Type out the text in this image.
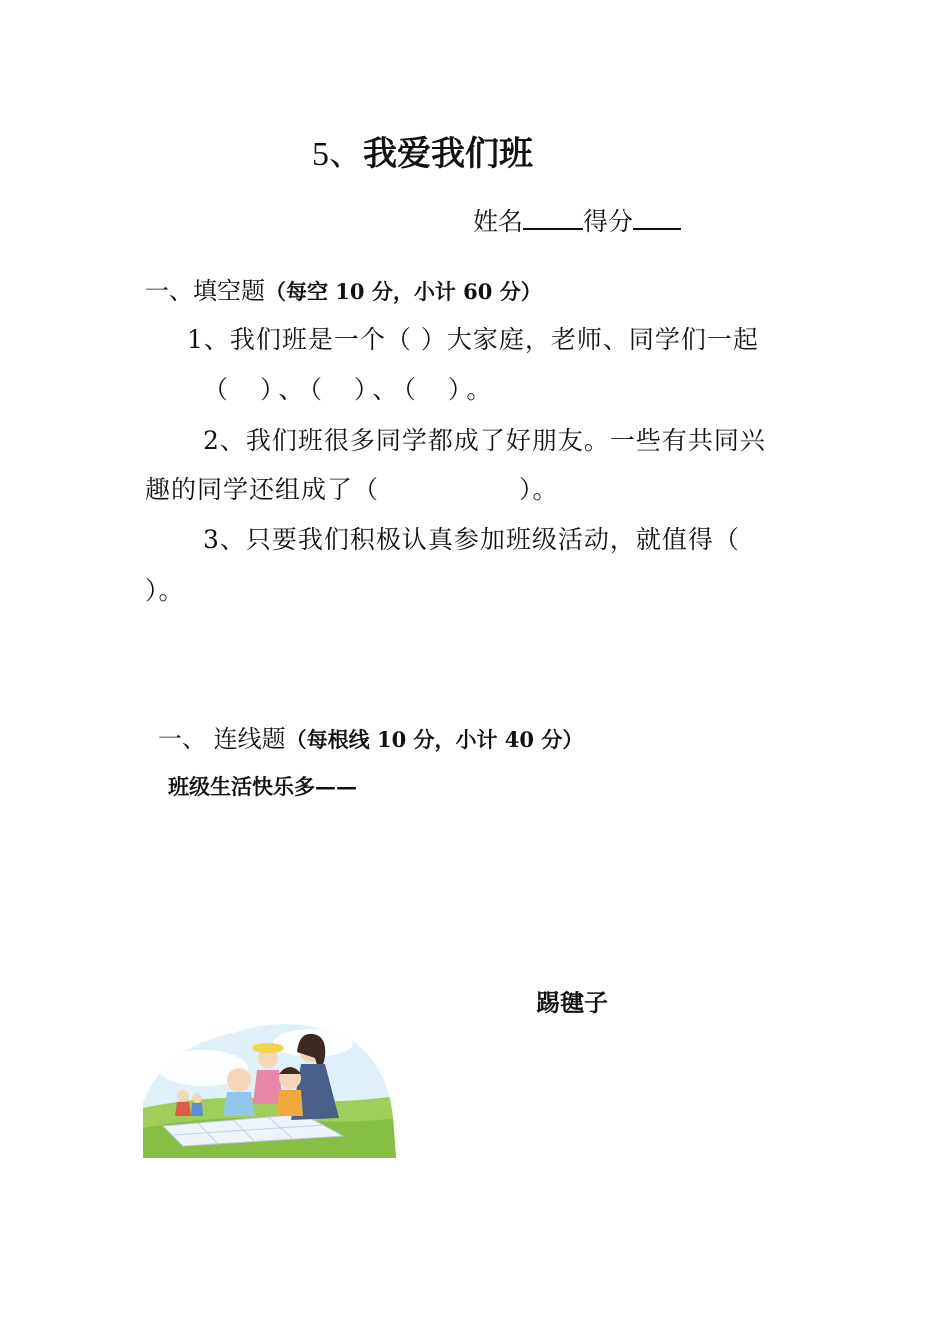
5、我爱我们班
姓名 得分
一、填空题（每空 10 分，小计 60 分）
1、我们班是一个（ ）大家庭，老师、同学们一起
（ ）、（ ）、（ ）。
2、我们班很多同学都成了好朋友。一些有共同兴
趣的同学还组成了（	）。
3、只要我们积极认真参加班级活动，就值得（
）。
一、 连线题（每根线 10 分，小计 40 分）
班级生活快乐多——
踢毽子
